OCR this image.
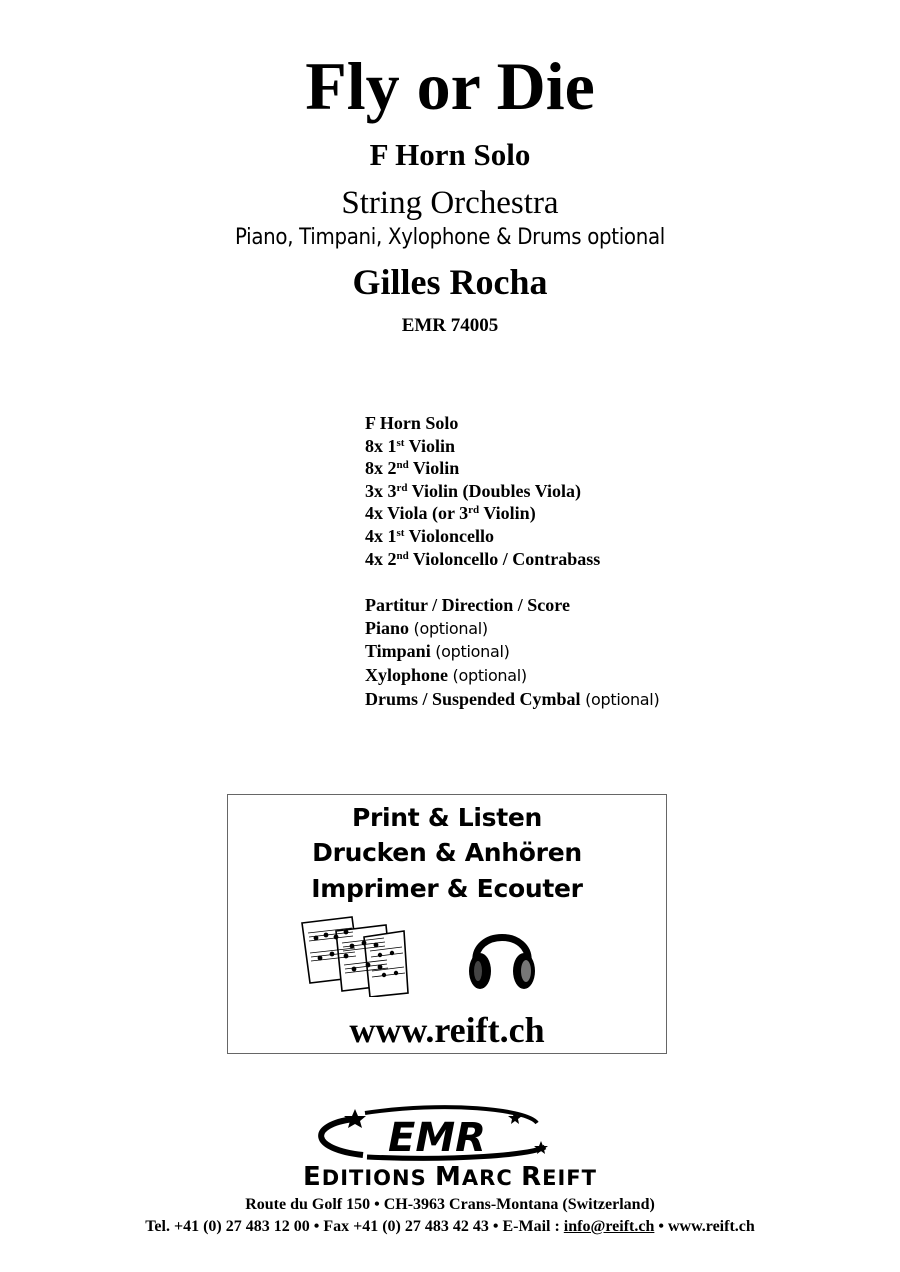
Fly or Die
F Horn Solo
String Orchestra
Piano, Timpani, Xylophone & Drums optional
Gilles Rocha
EMR 74005
F Horn Solo
8x 1st Violin
8x 2nd Violin
3x 3rd Violin (Doubles Viola)
4x Viola (or 3rd Violin)
4x 1st Violoncello
4x 2nd Violoncello / Contrabass
Partitur / Direction / Score
Piano (optional)
Timpani (optional)
Xylophone (optional)
Drums / Suspended Cymbal (optional)
Print & Listen
Drucken & Anhören
Imprimer & Ecouter
www.reift.ch
EMR
EDITIONS MARC REIFT
Route du Golf 150 • CH-3963 Crans-Montana (Switzerland)
Tel. +41 (0) 27 483 12 00 • Fax +41 (0) 27 483 42 43 • E-Mail : info@reift.ch • www.reift.ch
